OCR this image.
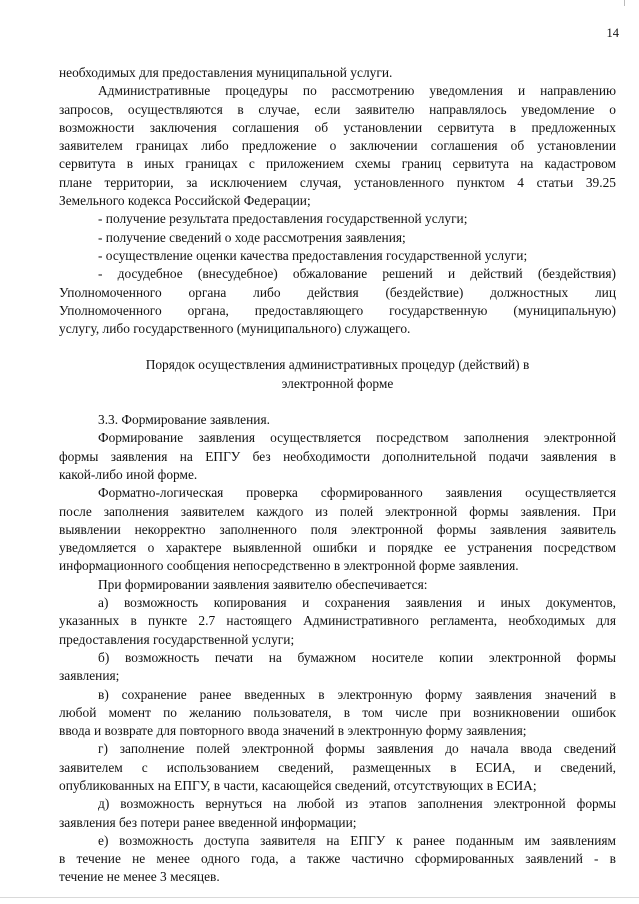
14
необходимых для предоставления муниципальной услуги.
Административные процедуры по рассмотрению уведомления и направлению
запросов, осуществляются в случае, если заявителю направлялось уведомление о
возможности заключения соглашения об установлении сервитута в предложенных
заявителем границах либо предложение о заключении соглашения об установлении
сервитута в иных границах с приложением схемы границ сервитута на кадастровом
плане территории, за исключением случая, установленного пунктом 4 статьи 39.25
Земельного кодекса Российской Федерации;
- получение результата предоставления государственной услуги;
- получение сведений о ходе рассмотрения заявления;
- осуществление оценки качества предоставления государственной услуги;
- досудебное (внесудебное) обжалование решений и действий (бездействия)
Уполномоченного органа либо действия (бездействие) должностных лиц
Уполномоченного органа, предоставляющего государственную (муниципальную)
услугу, либо государственного (муниципального) служащего.
Порядок осуществления административных процедур (действий) в
электронной форме
3.3. Формирование заявления.
Формирование заявления осуществляется посредством заполнения электронной
формы заявления на ЕПГУ без необходимости дополнительной подачи заявления в
какой-либо иной форме.
Форматно-логическая проверка сформированного заявления осуществляется
после заполнения заявителем каждого из полей электронной формы заявления. При
выявлении некорректно заполненного поля электронной формы заявления заявитель
уведомляется о характере выявленной ошибки и порядке ее устранения посредством
информационного сообщения непосредственно в электронной форме заявления.
При формировании заявления заявителю обеспечивается:
а) возможность копирования и сохранения заявления и иных документов,
указанных в пункте 2.7 настоящего Административного регламента, необходимых для
предоставления государственной услуги;
б) возможность печати на бумажном носителе копии электронной формы
заявления;
в) сохранение ранее введенных в электронную форму заявления значений в
любой момент по желанию пользователя, в том числе при возникновении ошибок
ввода и возврате для повторного ввода значений в электронную форму заявления;
г) заполнение полей электронной формы заявления до начала ввода сведений
заявителем с использованием сведений, размещенных в ЕСИА, и сведений,
опубликованных на ЕПГУ, в части, касающейся сведений, отсутствующих в ЕСИА;
д) возможность вернуться на любой из этапов заполнения электронной формы
заявления без потери ранее введенной информации;
е) возможность доступа заявителя на ЕПГУ к ранее поданным им заявлениям
в течение не менее одного года, а также частично сформированных заявлений - в
течение не менее 3 месяцев.
